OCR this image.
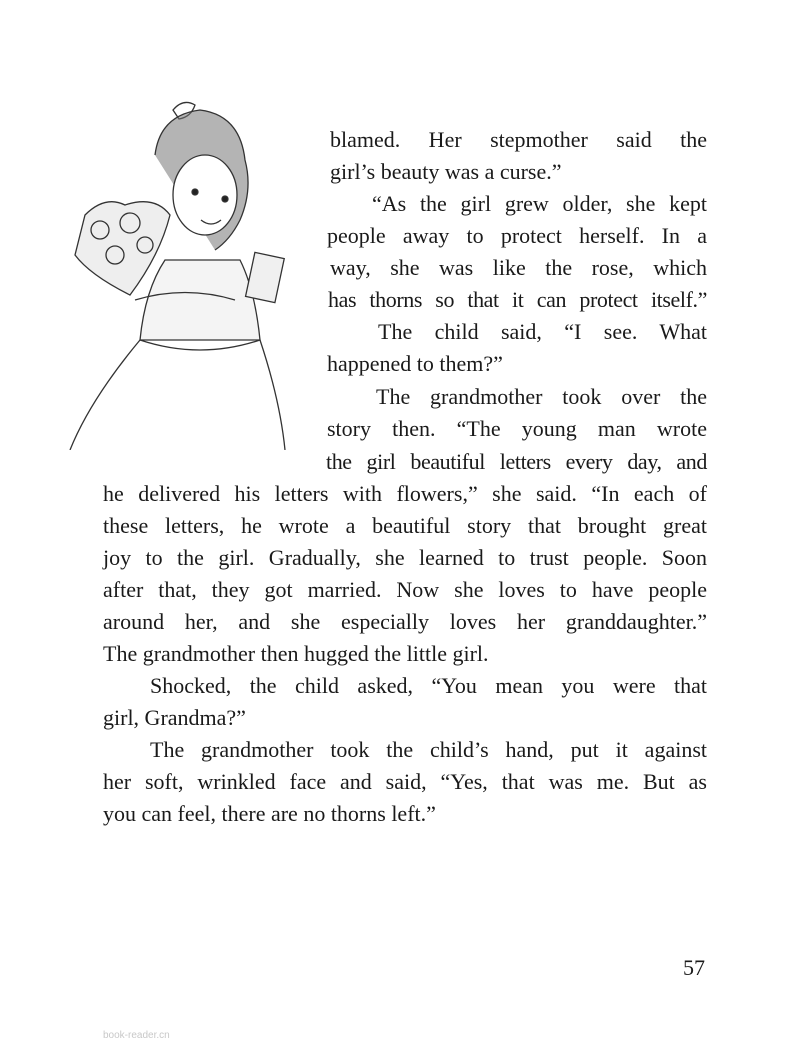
blamed. Her stepmother said the
girl’s beauty was a curse.”
“As the girl grew older, she kept
people away to protect herself. In a
way, she was like the rose, which
has thorns so that it can protect itself.”
The child said, “I see. What
happened to them?”
The grandmother took over the
story then. “The young man wrote
the girl beautiful letters every day, and
he delivered his letters with flowers,” she said. “In each of
these letters, he wrote a beautiful story that brought great
joy to the girl. Gradually, she learned to trust people. Soon
after that, they got married. Now she loves to have people
around her, and she especially loves her granddaughter.”
The grandmother then hugged the little girl.
Shocked, the child asked, “You mean you were that
girl, Grandma?”
The grandmother took the child’s hand, put it against
her soft, wrinkled face and said, “Yes, that was me. But as
you can feel, there are no thorns left.”
57
book-reader.cn
